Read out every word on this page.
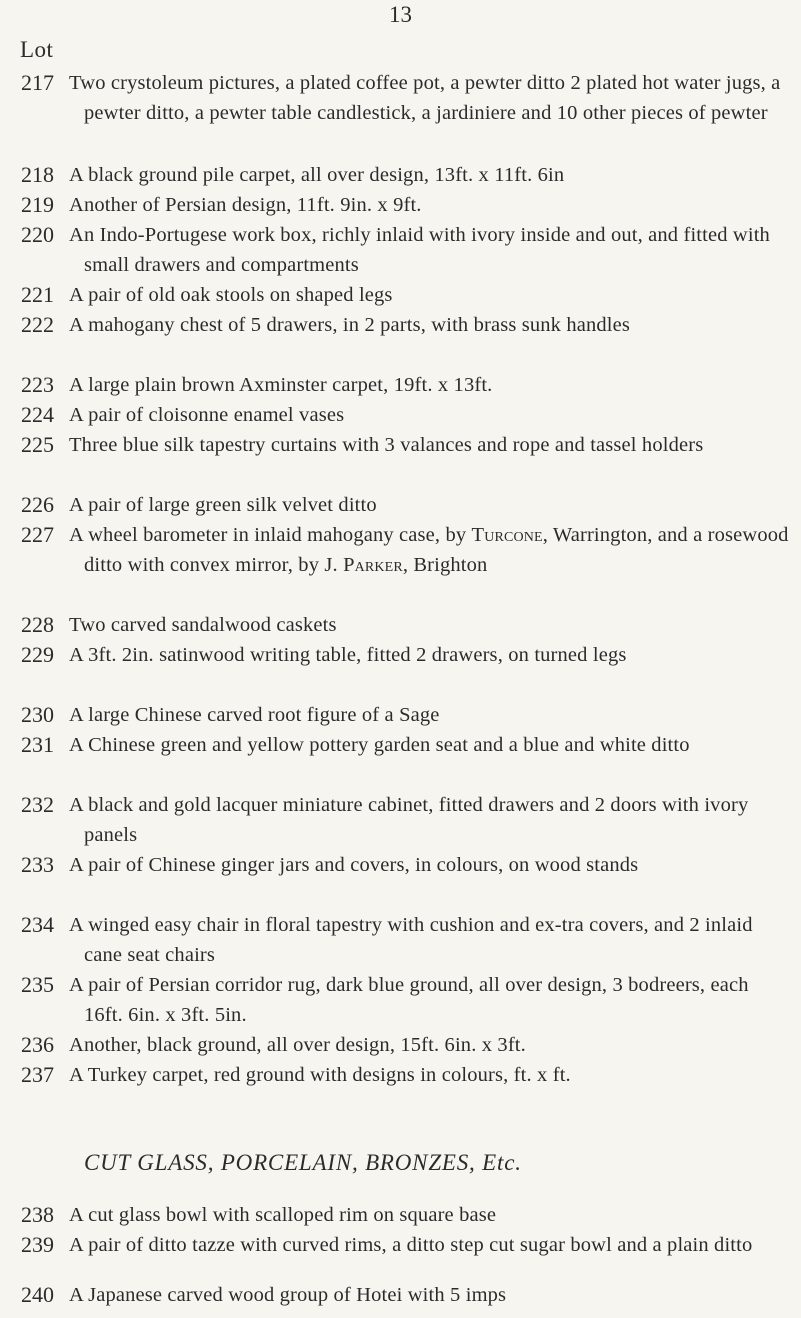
13
Lot
217 Two crystoleum pictures, a plated coffee pot, a pewter ditto 2 plated hot water jugs, a pewter ditto, a pewter table candlestick, a jardiniere and 10 other pieces of pewter
218 A black ground pile carpet, all over design, 13ft. x 11ft. 6in
219 Another of Persian design, 11ft. 9in. x 9ft.
220 An Indo-Portugese work box, richly inlaid with ivory inside and out, and fitted with small drawers and compartments
221 A pair of old oak stools on shaped legs
222 A mahogany chest of 5 drawers, in 2 parts, with brass sunk handles
223 A large plain brown Axminster carpet, 19ft. x 13ft.
224 A pair of cloisonne enamel vases
225 Three blue silk tapestry curtains with 3 valances and rope and tassel holders
226 A pair of large green silk velvet ditto
227 A wheel barometer in inlaid mahogany case, by Turcone, Warrington, and a rosewood ditto with convex mirror, by J. Parker, Brighton
228 Two carved sandalwood caskets
229 A 3ft. 2in. satinwood writing table, fitted 2 drawers, on turned legs
230 A large Chinese carved root figure of a Sage
231 A Chinese green and yellow pottery garden seat and a blue and white ditto
232 A black and gold lacquer miniature cabinet, fitted drawers and 2 doors with ivory panels
233 A pair of Chinese ginger jars and covers, in colours, on wood stands
234 A winged easy chair in floral tapestry with cushion and ex-tra covers, and 2 inlaid cane seat chairs
235 A pair of Persian corridor rug, dark blue ground, all over design, 3 bodreers, each 16ft. 6in. x 3ft. 5in.
236 Another, black ground, all over design, 15ft. 6in. x 3ft.
237 A Turkey carpet, red ground with designs in colours, ft. x ft.
CUT GLASS, PORCELAIN, BRONZES, Etc.
238 A cut glass bowl with scalloped rim on square base
239 A pair of ditto tazze with curved rims, a ditto step cut sugar bowl and a plain ditto
240 A Japanese carved wood group of Hotei with 5 imps
